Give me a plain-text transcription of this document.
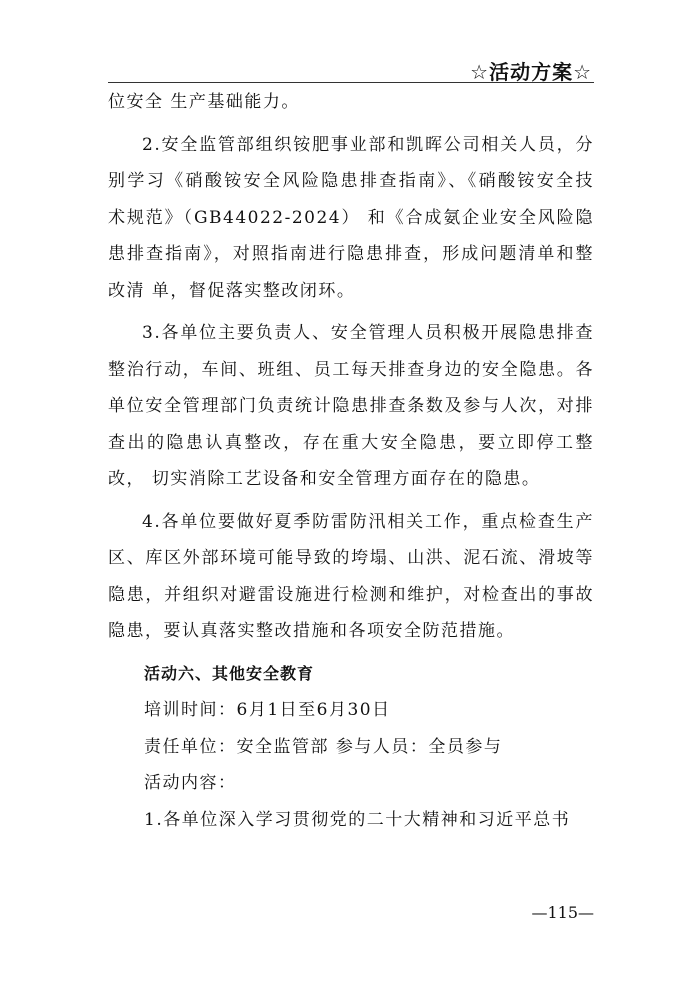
☆活动方案☆

位安全 生产基础能力。

2.安全监管部组织铵肥事业部和凯晖公司相关人员，分别学习《硝酸铵安全风险隐患排查指南》、《硝酸铵安全技 术规范》（GB44022-2024） 和《合成氨企业安全风险隐患排查指南》，对照指南进行隐患排查，形成问题清单和整改清 单，督促落实整改闭环。

3.各单位主要负责人、安全管理人员积极开展隐患排查 整治行动，车间、班组、员工每天排查身边的安全隐患。各 单位安全管理部门负责统计隐患排查条数及参与人次，对排 查出的隐患认真整改，存在重大安全隐患，要立即停工整改， 切实消除工艺设备和安全管理方面存在的隐患。

4.各单位要做好夏季防雷防汛相关工作，重点检查生产 区、库区外部环境可能导致的垮塌、山洪、泥石流、滑坡等 隐患，并组织对避雷设施进行检测和维护，对检查出的事故 隐患，要认真落实整改措施和各项安全防范措施。

活动六、其他安全教育

培训时间：6月1日至6月30日

责任单位：安全监管部 参与人员：全员参与

活动内容：

1.各单位深入学习贯彻党的二十大精神和习近平总书

—115—
